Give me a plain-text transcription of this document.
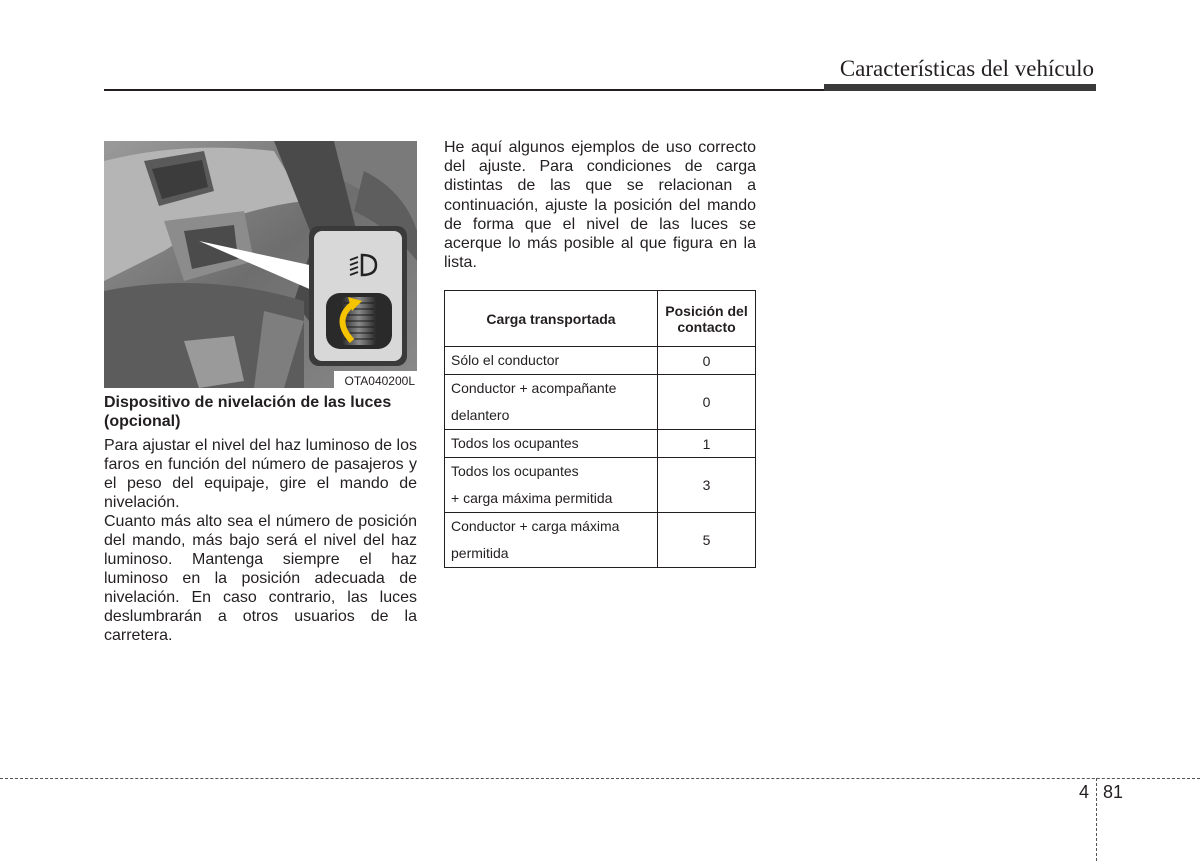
Características del vehículo
OTA040200L
Dispositivo de nivelación de las luces (opcional)

Para ajustar el nivel del haz luminoso de los faros en función del número de pasajeros y el peso del equipaje, gire el mando de nivelación.

Cuanto más alto sea el número de posición del mando, más bajo será el nivel del haz luminoso. Mantenga siempre el haz luminoso en la posición adecuada de nivelación. En caso contrario, las luces deslumbrarán a otros usuarios de la carretera.

He aquí algunos ejemplos de uso correcto del ajuste. Para condiciones de carga distintas de las que se relacionan a continuación, ajuste la posición del mando de forma que el nivel de las luces se acerque lo más posible al que figura en la lista.

Carga transportada	Posición del contacto

Sólo el conductor	0

Conductor + acompañante
delantero	0

Todos los ocupantes	1

Todos los ocupantes
+ carga máxima permitida	3

Conductor + carga máxima
permitida	5
4 81
